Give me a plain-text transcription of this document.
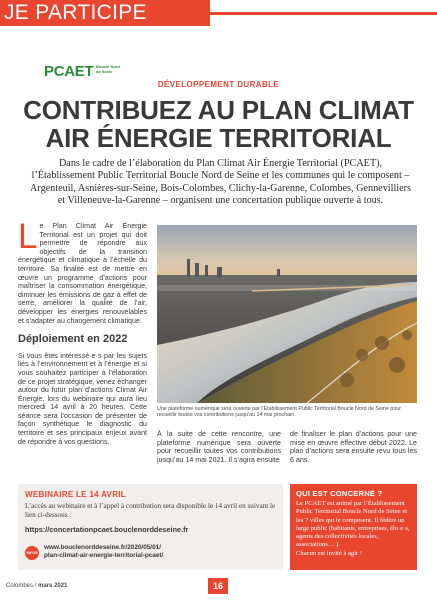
JE PARTICIPE
PCAET Boucle Nord de Seine
DÉVELOPPEMENT DURABLE
CONTRIBUEZ AU PLAN CLIMAT
AIR ÉNERGIE TERRITORIAL
Dans le cadre de l’élaboration du Plan Climat Air Énergie Territorial (PCAET), l’Établissement Public Territorial Boucle Nord de Seine et les communes qui le composent – Argenteuil, Asnières-sur-Seine, Bois-Colombes, Clichy-la-Garenne, Colombes, Gennevilliers et Villeneuve-la-Garenne – organisent une concertation publique ouverte à tous.
L e Plan Climat Air Énergie Territorial est un projet qui doit permettre de répondre aux objectifs de la transition énergétique et climatique à l’échelle du territoire. Sa finalité est de mettre en œuvre un programme d’actions pour maîtriser la consommation énergétique, diminuer les émissions de gaz à effet de serre, améliorer la qualité de l’air, développer les énergies renouvelables et s’adapter au changement climatique.

Déploiement en 2022

Si vous êtes intéressé·e·s par les sujets liés à l’environnement et à l’énergie et si vous souhaitez participer à l’élaboration de ce projet stratégique, venez échanger autour du futur plan d’actions Climat Air Énergie, lors du webinaire qui aura lieu mercredi 14 avril à 20 heures. Cette séance sera l’occasion de présenter de façon synthétique le diagnostic du territoire et ses principaux enjeux avant de répondre à vos questions.

Une plateforme numérique sera ouverte par l’Établissement Public Territorial Boucle Nord de Seine pour recueillir toutes vos contributions jusqu’au 14 mai prochain.

À la suite de cette rencontre, une plateforme numérique sera ouverte pour recueillir toutes vos contributions jusqu’au 14 mai 2021. Il s’agira ensuite

de finaliser le plan d’actions pour une mise en œuvre effective début 2022. Le plan d’actions sera ensuite revu tous les 6 ans.

WEBINAIRE LE 14 AVRIL
L’accès au webinaire et à l’appel à contribution sera disponible le 14 avril en suivant le lien ci-dessous :
https://concertationpcaet.bouclenorddeseine.fr
INFOS
www.bouclenorddeseine.fr/2020/05/01/
plan-climat-air-energie-territorial-pcaet/
QUI EST CONCERNÉ ?
Le PCAET est animé par l’Établissement Public Territorial Boucle Nord de Seine et les 7 villes qui le composent. Il fédère un large public (habitants, entreprises, élu·e·s, agents des collectivités locales, associations… ).
Chacun est invité à agir !
Colombes / mars 2021	16
